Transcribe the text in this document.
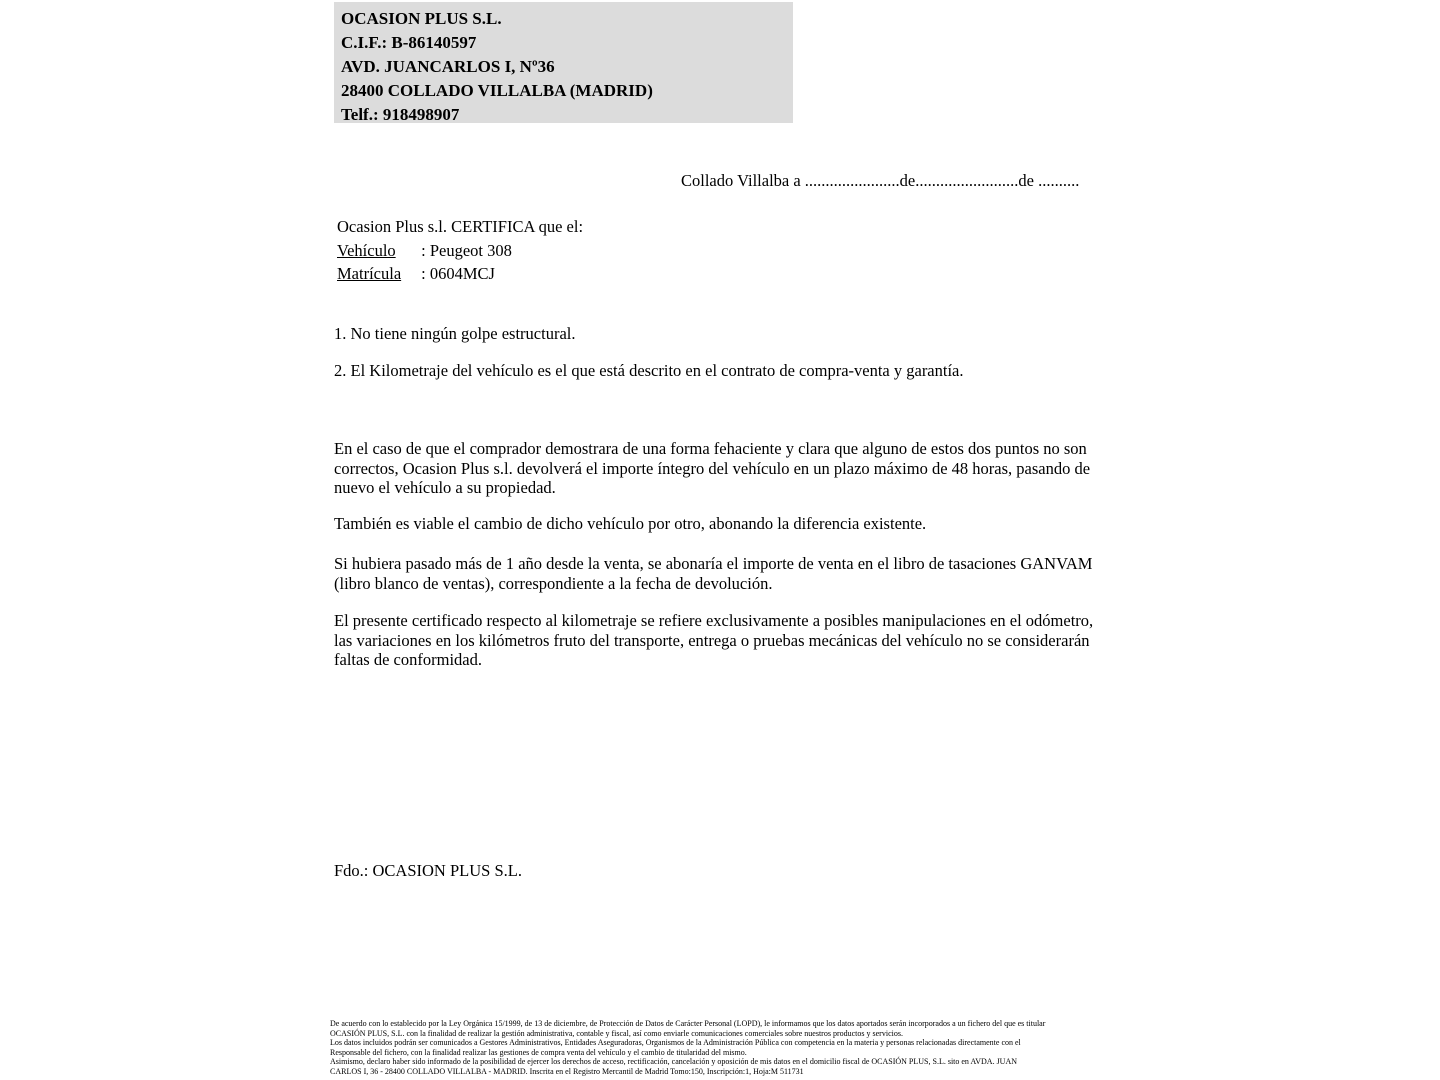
OCASION PLUS S.L.
C.I.F.: B-86140597
AVD. JUANCARLOS I, Nº36
28400 COLLADO VILLALBA (MADRID)
Telf.: 918498907
Collado Villalba a .......................de.........................de ..........
Ocasion Plus s.l. CERTIFICA que el:
Vehículo : Peugeot 308
Matrícula : 0604MCJ
1. No tiene ningún golpe estructural.
2. El Kilometraje del vehículo es el que está descrito en el contrato de compra-venta y garantía.
En el caso de que el comprador demostrara de una forma fehaciente y clara que alguno de estos dos puntos no son correctos, Ocasion Plus s.l. devolverá el importe íntegro del vehículo en un plazo máximo de 48 horas, pasando de nuevo el vehículo a su propiedad.
También es viable el cambio de dicho vehículo por otro, abonando la diferencia existente.
Si hubiera pasado más de 1 año desde la venta, se abonaría el importe de venta en el libro de tasaciones GANVAM (libro blanco de ventas), correspondiente a la fecha de devolución.
El presente certificado respecto al kilometraje se refiere exclusivamente a posibles manipulaciones en el odómetro, las variaciones en los kilómetros fruto del transporte, entrega o pruebas mecánicas del vehículo no se considerarán faltas de conformidad.
Fdo.: OCASION PLUS S.L.
De acuerdo con lo establecido por la Ley Orgánica 15/1999, de 13 de diciembre, de Protección de Datos de Carácter Personal (LOPD), le informamos que los datos aportados serán incorporados a un fichero del que es titular
OCASIÓN PLUS, S.L. con la finalidad de realizar la gestión administrativa, contable y fiscal, así como enviarle comunicaciones comerciales sobre nuestros productos y servicios.
Los datos incluidos podrán ser comunicados a Gestores Administrativos, Entidades Aseguradoras, Organismos de la Administración Pública con competencia en la materia y personas relacionadas directamente con el
Responsable del fichero, con la finalidad realizar las gestiones de compra venta del vehículo y el cambio de titularidad del mismo.
Asimismo, declaro haber sido informado de la posibilidad de ejercer los derechos de acceso, rectificación, cancelación y oposición de mis datos en el domicilio fiscal de OCASIÓN PLUS, S.L. sito en AVDA. JUAN
CARLOS I, 36 - 28400 COLLADO VILLALBA - MADRID. Inscrita en el Registro Mercantil de Madrid Tomo:150, Inscripción:1, Hoja:M 511731
